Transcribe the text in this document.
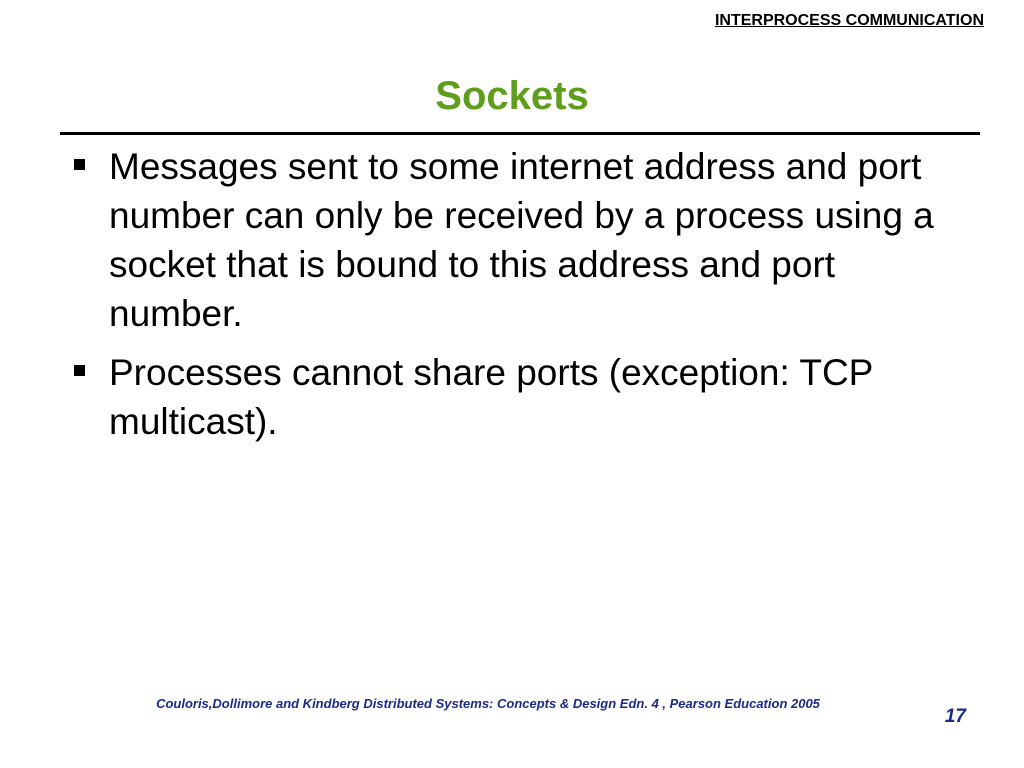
INTERPROCESS COMMUNICATION
Sockets
Messages sent to some internet address and port number can only be received by a process using a socket that is bound to this address and port number.
Processes cannot share ports (exception: TCP multicast).
Couloris,Dollimore and Kindberg Distributed Systems: Concepts & Design Edn. 4 , Pearson Education 2005
17
